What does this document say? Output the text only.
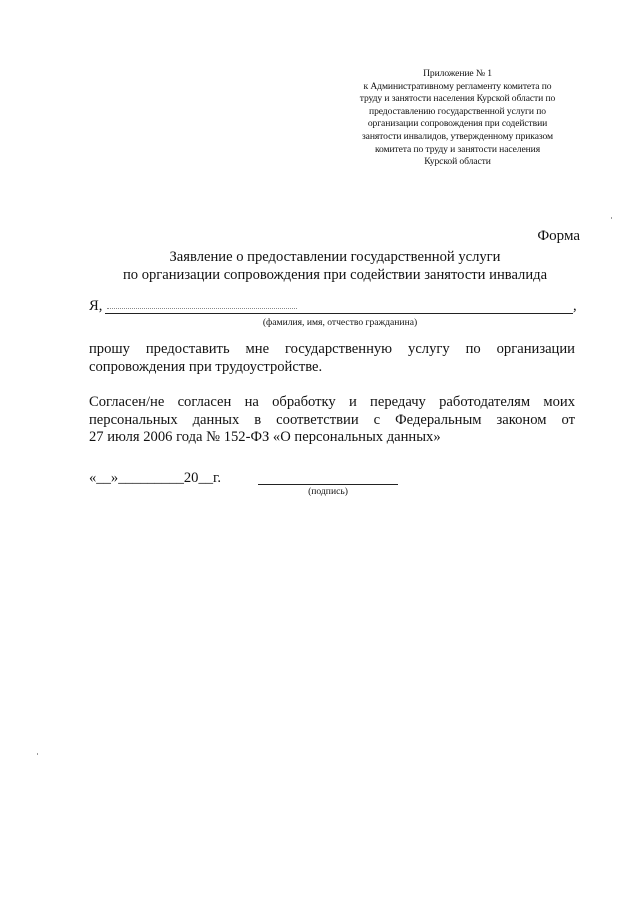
Приложение № 1
к Административному регламенту комитета по
труду и занятости населения Курской области по
предоставлению государственной услуги по
организации сопровождения при содействии
занятости инвалидов, утвержденному приказом
комитета по труду и занятости населения
Курской области
Форма
Заявление о предоставлении государственной услуги
по организации сопровождения при содействии занятости инвалида
Я,	,
(фамилия, имя, отчество гражданина)
прошу предоставить мне государственную услугу по организации
сопровождения при трудоустройстве.
Согласен/не согласен на обработку и передачу работодателям моих
персональных данных в соответствии с Федеральным законом от
27 июля 2006 года № 152-ФЗ «О персональных данных»
«__»_________20__г.
(подпись)
